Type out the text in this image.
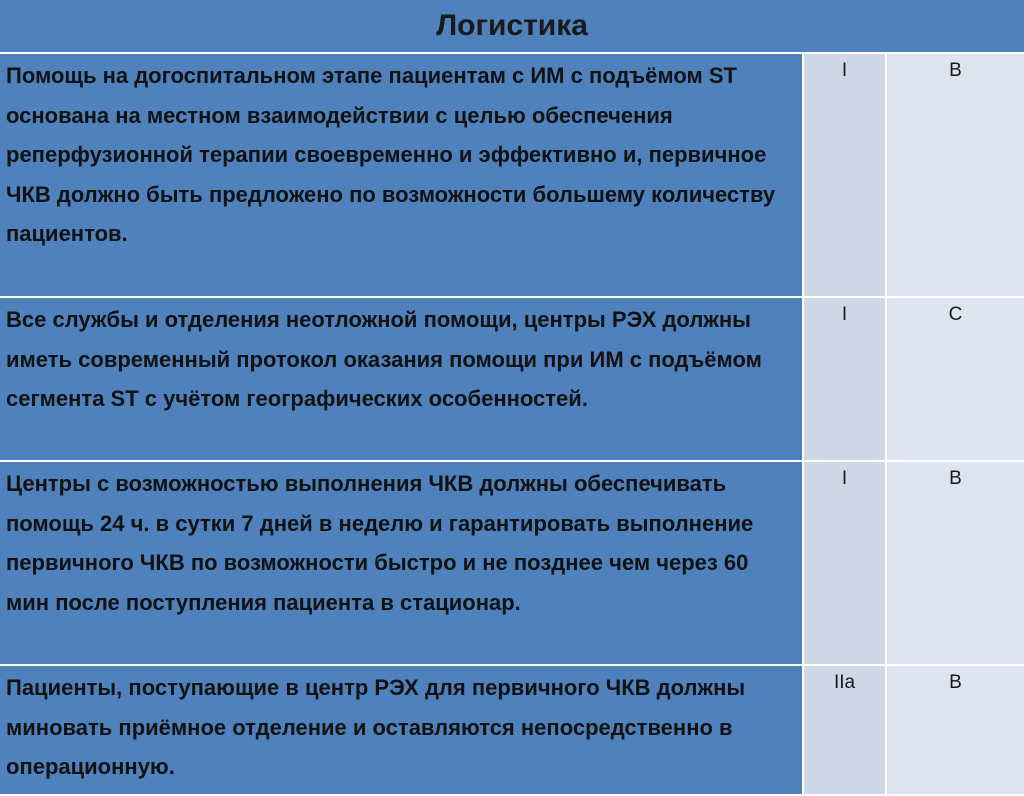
Логистика		
Помощь на догоспитальном этапе пациентам с ИМ с подъёмом ST основана на местном взаимодействии с целью обеспечения реперфузионной терапии своевременно и эффективно и, первичное ЧКВ должно быть предложено по возможности большему количеству пациентов.	I	B
Все службы и отделения неотложной помощи, центры РЭХ должны иметь современный протокол оказания помощи при ИМ с подъёмом сегмента ST с учётом географических особенностей.	I	C
Центры с возможностью выполнения ЧКВ должны обеспечивать помощь 24 ч. в сутки 7 дней в неделю и гарантировать выполнение первичного ЧКВ по возможности быстро и не позднее чем через 60 мин после поступления пациента в стационар.	I	B
Пациенты, поступающие в центр РЭХ для первичного ЧКВ должны миновать приёмное отделение и оставляются непосредственно в операционную.	IIa	B
